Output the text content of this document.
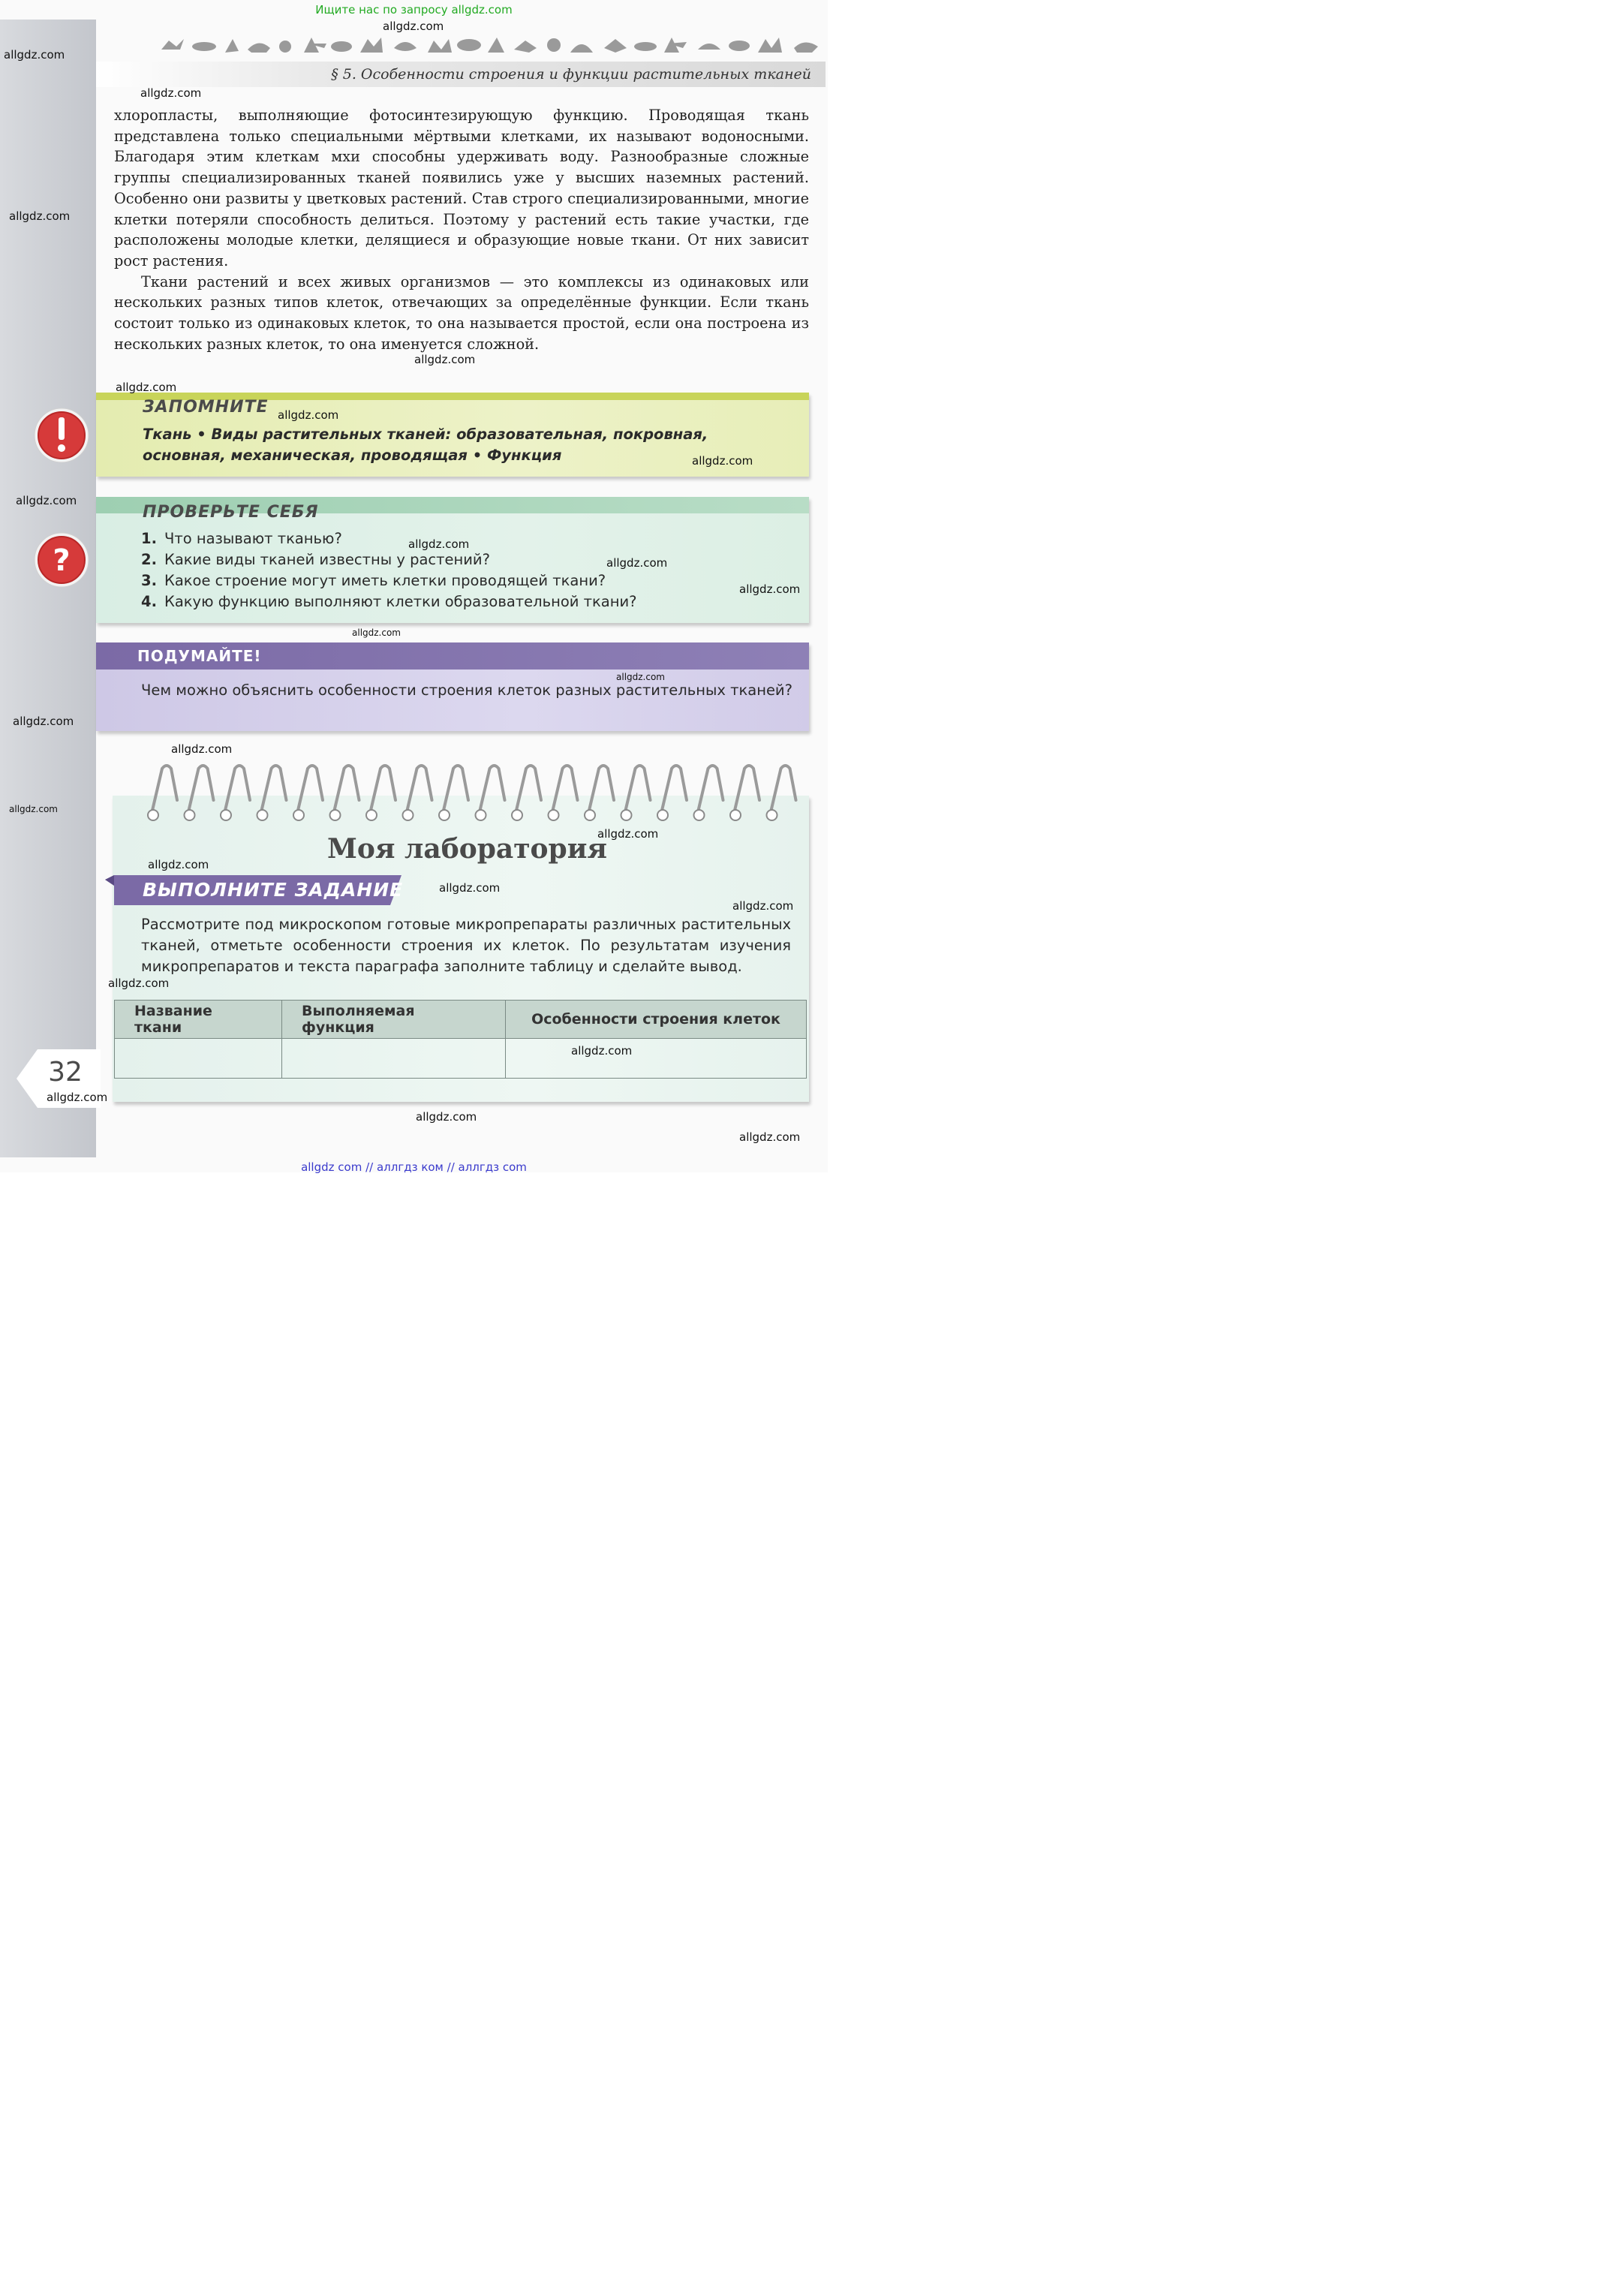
32
Ищите нас по запросу allgdz.com
§ 5. Особенности строения и функции растительных тканей

хлоропласты, выполняющие фотосинтезирующую функцию. Проводящая ткань представлена только специальными мёртвыми клетками, их называют водоносными. Благодаря этим клеткам мхи способны удерживать воду. Разнообразные сложные группы специализированных тканей появились уже у высших наземных растений. Особенно они развиты у цветковых растений. Став строго специализированными, многие клетки потеряли способность делиться. Поэтому у растений есть такие участки, где расположены молодые клетки, делящиеся и образующие новые ткани. От них зависит рост растения.

Ткани растений и всех живых организмов — это комплексы из одинаковых или нескольких разных типов клеток, отвечающих за определённые функции. Если ткань состоит только из одинаковых клеток, то она называется простой, если она построена из нескольких разных клеток, то она именуется сложной.

ЗАПОМНИТЕ
Ткань • Виды растительных тканей: образовательная, покровная, основная, механическая, проводящая • Функция
?
ПРОВЕРЬТЕ СЕБЯ
1. Что называют тканью?
2. Какие виды тканей известны у растений?
3. Какое строение могут иметь клетки проводящей ткани?
4. Какую функцию выполняют клетки образовательной ткани?
ПОДУМАЙТЕ!
Чем можно объяснить особенности строения клеток разных растительных тканей?
Моя лаборатория
ВЫПОЛНИТЕ ЗАДАНИЕ
Рассмотрите под микроскопом готовые микропрепараты различных растительных тканей, отметьте особенности строения их клеток. По результатам изучения микропрепаратов и текста параграфа заполните таблицу и сделайте вывод.
Название ткани	Выполняемая функция	Особенности строения клеток

allgdz.com
allgdz.com
allgdz.com
allgdz.com
allgdz.com
allgdz.com
allgdz.com
allgdz.com
allgdz.com
allgdz.com
allgdz.com
allgdz.com
allgdz.com
allgdz.com
allgdz.com
allgdz.com
allgdz.com
allgdz.com
allgdz.com
allgdz.com
allgdz.com
allgdz.com
allgdz.com
allgdz.com
allgdz.com
allgdz.com
allgdz com // аллгдз ком // аллгдз com
